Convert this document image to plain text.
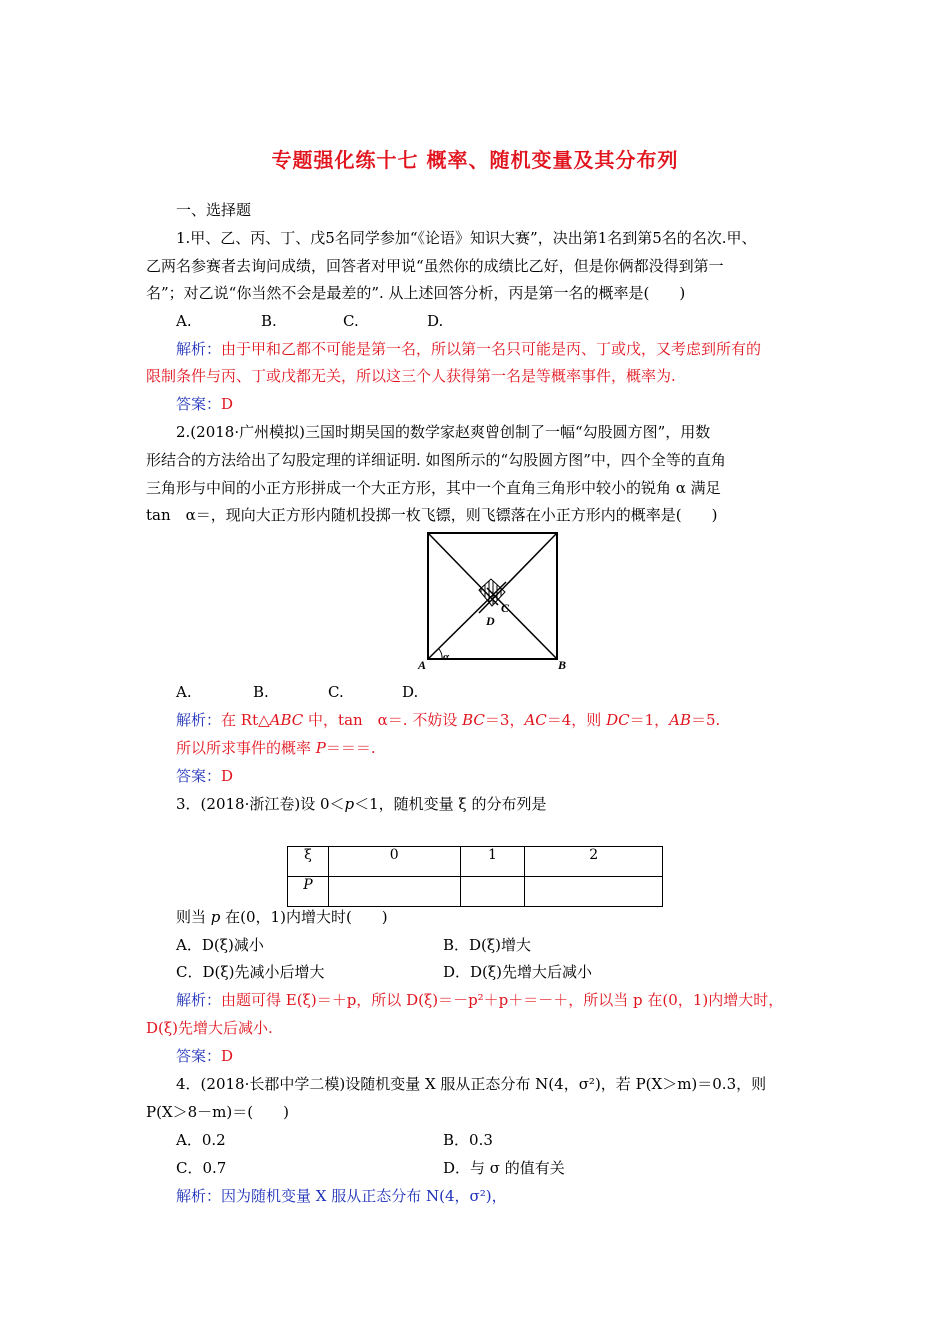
专题强化练十七 概率、随机变量及其分布列
一、选择题
1.甲、乙、丙、丁、戊5名同学参加“《论语》知识大赛”，决出第1名到第5名的名次.甲、
乙两名参赛者去询问成绩，回答者对甲说“虽然你的成绩比乙好，但是你俩都没得到第一
名”；对乙说“你当然不会是最差的”. 从上述回答分析，丙是第一名的概率是(　　)
A.	B.	C.	D.
解析：由于甲和乙都不可能是第一名，所以第一名只可能是丙、丁或戊，又考虑到所有的
限制条件与丙、丁或戊都无关，所以这三个人获得第一名是等概率事件，概率为.
答案：D
2.(2018·广州模拟)三国时期吴国的数学家赵爽曾创制了一幅“勾股圆方图”，用数
形结合的方法给出了勾股定理的详细证明. 如图所示的“勾股圆方图”中，四个全等的直角
三角形与中间的小正方形拼成一个大正方形，其中一个直角三角形中较小的锐角 α 满足
tan　α＝，现向大正方形内随机投掷一枚飞镖，则飞镖落在小正方形内的概率是(　　)
A	B
C
D
α
A.	B.	C.	D.
解析：在 Rt△ABC 中，tan　α＝. 不妨设 BC＝3，AC＝4，则 DC＝1，AB＝5.
所以所求事件的概率 P＝＝＝.
答案：D
3．(2018·浙江卷)设 0＜p＜1，随机变量 ξ 的分布列是
ξ	0	1	2
P			
则当 p 在(0，1)内增大时(　　)
A．D(ξ)减小	B．D(ξ)增大
C．D(ξ)先减小后增大	D．D(ξ)先增大后减小
解析：由题可得 E(ξ)＝＋p，所以 D(ξ)＝－p²＋p＋＝－＋，所以当 p 在(0，1)内增大时，
D(ξ)先增大后减小.
答案：D
4．(2018·长郡中学二模)设随机变量 X 服从正态分布 N(4，σ²)，若 P(X＞m)＝0.3，则
P(X＞8－m)＝(　　)
A．0.2	B．0.3
C．0.7	D．与 σ 的值有关
解析：因为随机变量 X 服从正态分布 N(4，σ²)，
